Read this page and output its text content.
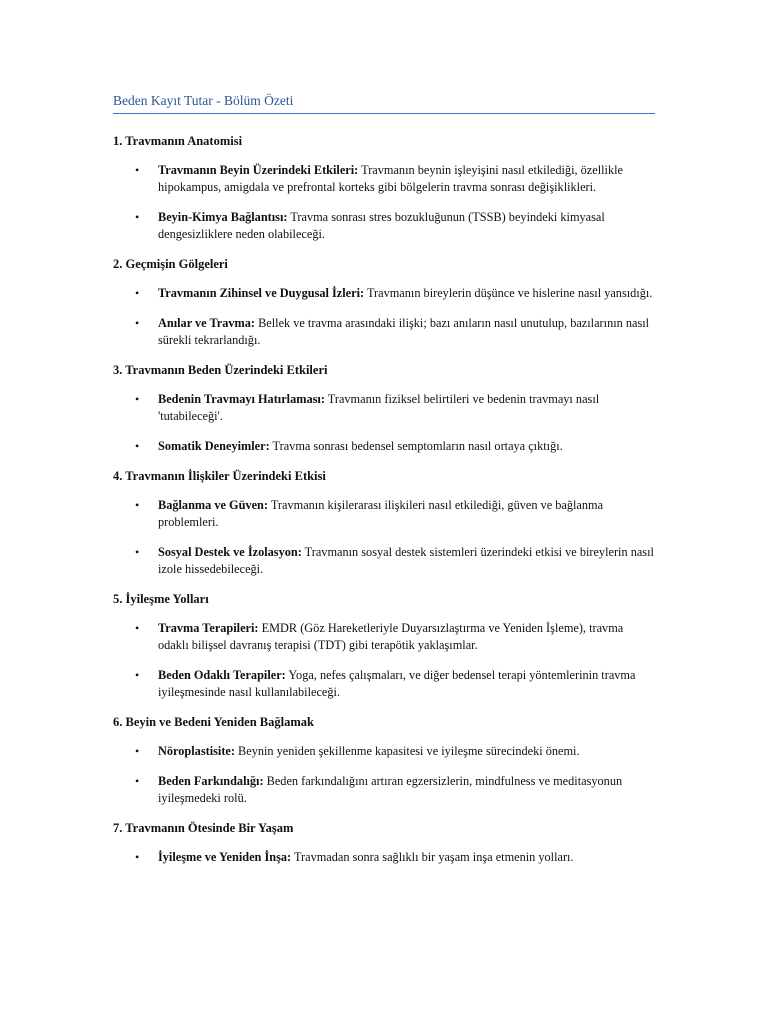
Beden Kayıt Tutar - Bölüm Özeti
1. Travmanın Anatomisi
• Travmanın Beyin Üzerindeki Etkileri: Travmanın beynin işleyişini nasıl etkilediği, özellikle hipokampus, amigdala ve prefrontal korteks gibi bölgelerin travma sonrası değişiklikleri.
• Beyin-Kimya Bağlantısı: Travma sonrası stres bozukluğunun (TSSB) beyindeki kimyasal dengesizliklere neden olabileceği.
2. Geçmişin Gölgeleri
• Travmanın Zihinsel ve Duygusal İzleri: Travmanın bireylerin düşünce ve hislerine nasıl yansıdığı.
• Anılar ve Travma: Bellek ve travma arasındaki ilişki; bazı anıların nasıl unutulup, bazılarının nasıl sürekli tekrarlandığı.
3. Travmanın Beden Üzerindeki Etkileri
• Bedenin Travmayı Hatırlaması: Travmanın fiziksel belirtileri ve bedenin travmayı nasıl 'tutabileceği'.
• Somatik Deneyimler: Travma sonrası bedensel semptomların nasıl ortaya çıktığı.
4. Travmanın İlişkiler Üzerindeki Etkisi
• Bağlanma ve Güven: Travmanın kişilerarası ilişkileri nasıl etkilediği, güven ve bağlanma problemleri.
• Sosyal Destek ve İzolasyon: Travmanın sosyal destek sistemleri üzerindeki etkisi ve bireylerin nasıl izole hissedebileceği.
5. İyileşme Yolları
• Travma Terapileri: EMDR (Göz Hareketleriyle Duyarsızlaştırma ve Yeniden İşleme), travma odaklı bilişsel davranış terapisi (TDT) gibi terapötik yaklaşımlar.
• Beden Odaklı Terapiler: Yoga, nefes çalışmaları, ve diğer bedensel terapi yöntemlerinin travma iyileşmesinde nasıl kullanılabileceği.
6. Beyin ve Bedeni Yeniden Bağlamak
• Nöroplastisite: Beynin yeniden şekillenme kapasitesi ve iyileşme sürecindeki önemi.
• Beden Farkındalığı: Beden farkındalığını artıran egzersizlerin, mindfulness ve meditasyonun iyileşmedeki rolü.
7. Travmanın Ötesinde Bir Yaşam
• İyileşme ve Yeniden İnşa: Travmadan sonra sağlıklı bir yaşam inşa etmenin yolları.
